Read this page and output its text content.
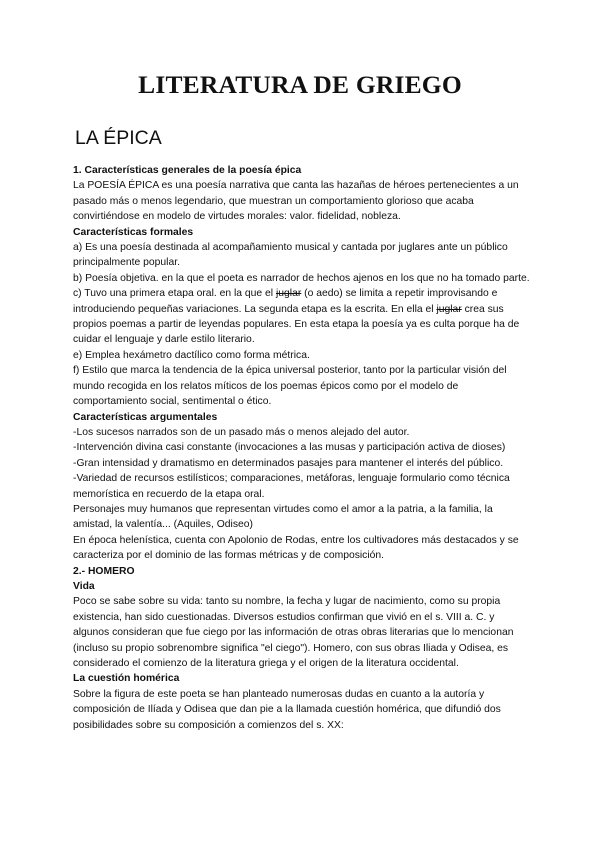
LITERATURA DE GRIEGO
LA ÉPICA
1. Características generales de la poesía épica
La POESÍA ÉPICA es una poesía narrativa que canta las hazañas de héroes pertenecientes a un pasado más o menos legendario, que muestran un comportamiento glorioso que acaba convirtiéndose en modelo de virtudes morales: valor. fidelidad, nobleza.
Características formales
a) Es una poesía destinada al acompañamiento musical y cantada por juglares ante un público principalmente popular.
b) Poesía objetiva. en la que el poeta es narrador de hechos ajenos en los que no ha tomado parte.
c) Tuvo una primera etapa oral. en la que el juglar (o aedo) se limita a repetir improvisando e introduciendo pequeñas variaciones. La segunda etapa es la escrita. En ella el juglar crea sus propios poemas a partir de leyendas populares. En esta etapa la poesía ya es culta porque ha de cuidar el lenguaje y darle estilo literario.
e) Emplea hexámetro dactílico como forma métrica.
f) Estilo que marca la tendencia de la épica universal posterior, tanto por la particular visión del mundo recogida en los relatos míticos de los poemas épicos como por el modelo de comportamiento social, sentimental o ético.
Características argumentales
-Los sucesos narrados son de un pasado más o menos alejado del autor.
-Intervención divina casi constante (invocaciones a las musas y participación activa de dioses)
-Gran intensidad y dramatismo en determinados pasajes para mantener el interés del público.
-Variedad de recursos estilísticos; comparaciones, metáforas, lenguaje formulario como técnica memorística en recuerdo de la etapa oral.
Personajes muy humanos que representan virtudes como el amor a la patria, a la familia, la amistad, la valentía... (Aquiles, Odiseo)
En época helenística, cuenta con Apolonio de Rodas, entre los cultivadores más destacados y se caracteriza por el dominio de las formas métricas y de composición.
2.- HOMERO
Vida
Poco se sabe sobre su vida: tanto su nombre, la fecha y lugar de nacimiento, como su propia existencia, han sido cuestionadas. Diversos estudios confirman que vivió en el s. VIII a. C. y algunos consideran que fue ciego por las información de otras obras literarias que lo mencionan (incluso su propio sobrenombre significa "el ciego"). Homero, con sus obras Iliada y Odisea, es considerado el comienzo de la literatura griega y el origen de la literatura occidental.
La cuestión homérica
Sobre la figura de este poeta se han planteado numerosas dudas en cuanto a la autoría y composición de Ilíada y Odisea que dan pie a la llamada cuestión homérica, que difundió dos posibilidades sobre su composición a comienzos del s. XX:
